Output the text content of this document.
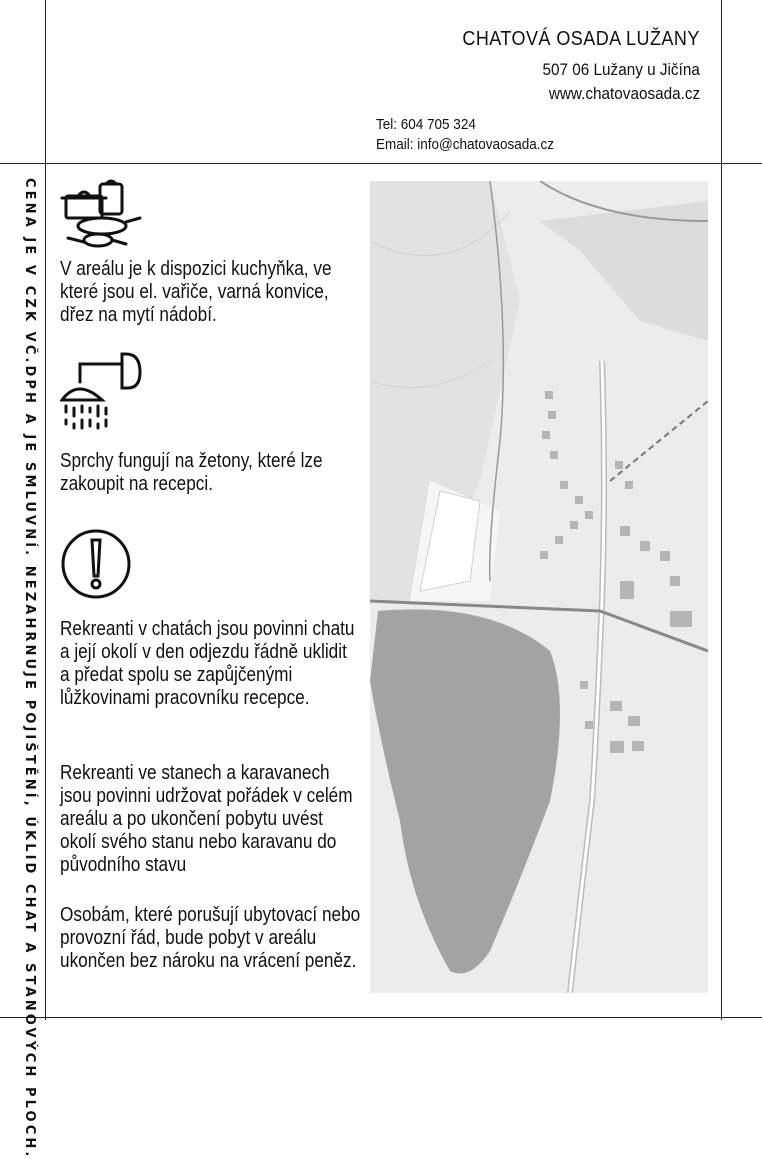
CHATOVÁ OSADA LUŽANY
507 06 Lužany u Jičína
www.chatovaosada.cz
Tel: 604 705 324
Email: info@chatovaosada.cz
CENA JE V CZK VČ.DPH A JE SMLUVNÍ. NEZAHRNUJE POJIŠTĚNÍ, ÚKLID CHAT A STANOVÝCH PLOCH. V areálu je k dispozici kuchyňka, ve které jsou el. vařiče, varná konvice, dřez na mytí nádobí.
Sprchy fungují na žetony, které lze zakoupit na recepci.
Rekreanti v chatách jsou povinni chatu a její okolí v den odjezdu řádně uklidit a předat spolu se zapůjčenými lůžkovinami pracovníku recepce.
Rekreanti ve stanech a karavanech jsou povinni udržovat pořádek v celém areálu a po ukončení pobytu uvést okolí svého stanu nebo karavanu do původního stavu
Osobám, které porušují ubytovací nebo provozní řád, bude pobyt v areálu ukončen bez nároku na vrácení peněz.
